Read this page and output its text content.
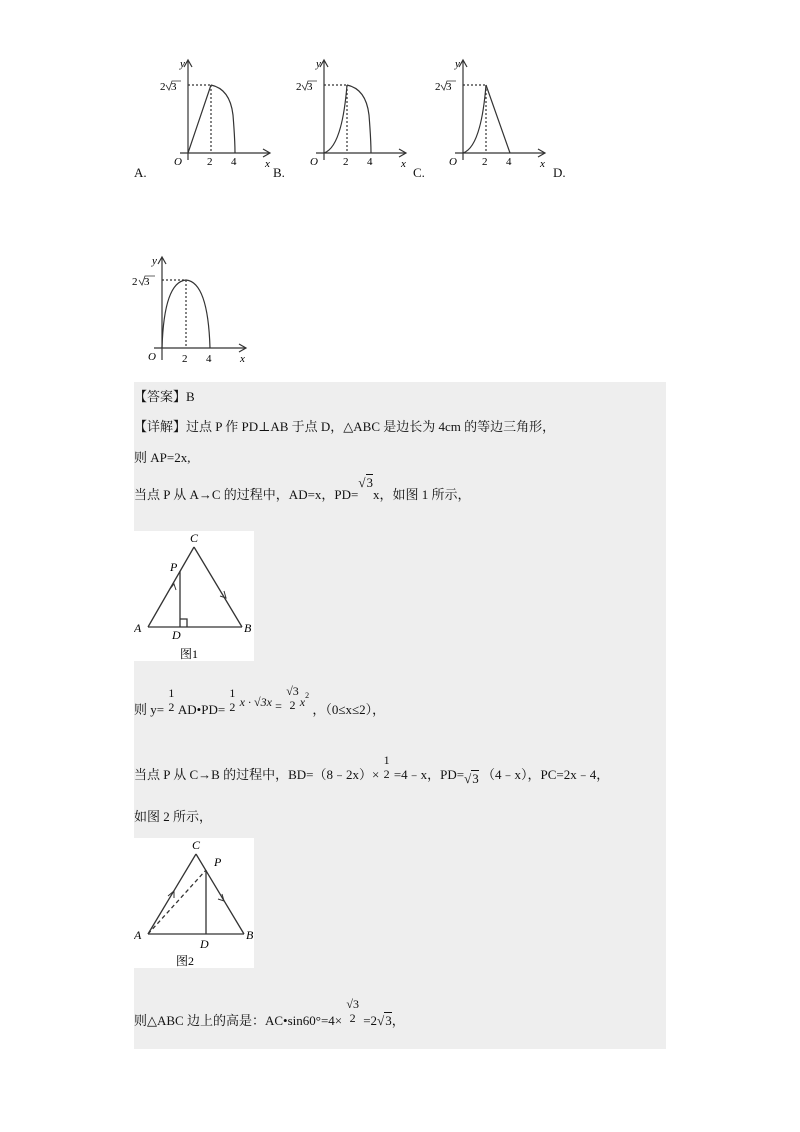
y
x
O
2 3
2 4
A.
y
x
O
2 3
2 4
B.
y
x
O
2 3
2 4
C.	D.
y
x
O
2 3
2 4
【答案】B
【详解】过点 P 作 PD⊥AB 于点 D，△ABC 是边长为 4cm 的等边三角形，
则 AP=2x,
当点 P 从 A→C 的过程中，AD=x，PD=√3x，如图 1 所示，
C
P
A	B
D
图1
则 y=
1
2 AD•PD=
1
2 x · √3x =
√3
2 $x^2$ ，（0≤x≤2），
当点 P 从 C→B 的过程中，BD=（8﹣2x）×
1
2 =4﹣x，PD=√3 （4﹣x），PC=2x﹣4，
如图 2 所示，
C
P
A	B
D
图2
则△ABC 边上的高是：AC•sin60°=4×
√3
2 =2√3，
